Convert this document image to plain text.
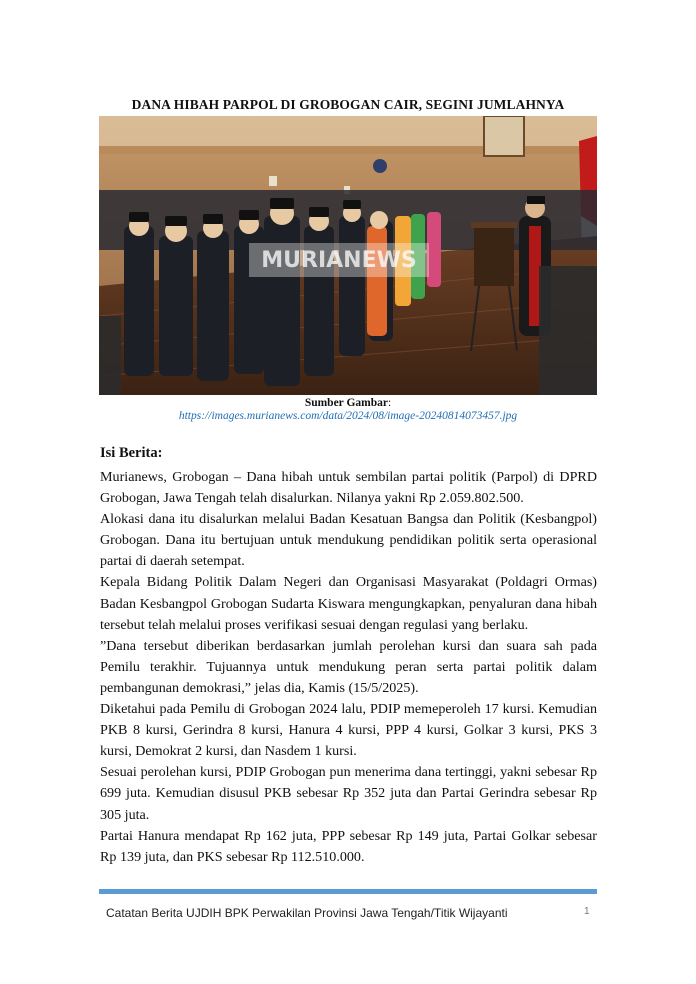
DANA HIBAH PARPOL DI GROBOGAN CAIR, SEGINI JUMLAHNYA
MURIANEWS
Sumber Gambar:
https://images.murianews.com/data/2024/08/image-20240814073457.jpg
Isi Berita:

Murianews, Grobogan – Dana hibah untuk sembilan partai politik (Parpol) di DPRD Grobogan, Jawa Tengah telah disalurkan. Nilanya yakni Rp 2.059.802.500.

Alokasi dana itu disalurkan melalui Badan Kesatuan Bangsa dan Politik (Kesbangpol) Grobogan. Dana itu bertujuan untuk mendukung pendidikan politik serta operasional partai di daerah setempat.

Kepala Bidang Politik Dalam Negeri dan Organisasi Masyarakat (Poldagri Ormas) Badan Kesbangpol Grobogan Sudarta Kiswara mengungkapkan, penyaluran dana hibah tersebut telah melalui proses verifikasi sesuai dengan regulasi yang berlaku.

”Dana tersebut diberikan berdasarkan jumlah perolehan kursi dan suara sah pada Pemilu terakhir. Tujuannya untuk mendukung peran serta partai politik dalam pembangunan demokrasi,” jelas dia, Kamis (15/5/2025).

Diketahui pada Pemilu di Grobogan 2024 lalu, PDIP memeperoleh 17 kursi. Kemudian PKB 8 kursi, Gerindra 8 kursi, Hanura 4 kursi, PPP 4 kursi, Golkar 3 kursi, PKS 3 kursi, Demokrat 2 kursi, dan Nasdem 1 kursi.

Sesuai perolehan kursi, PDIP Grobogan pun menerima dana tertinggi, yakni sebesar Rp 699 juta. Kemudian disusul PKB sebesar Rp 352 juta dan Partai Gerindra sebesar Rp 305 juta.

Partai Hanura mendapat Rp 162 juta, PPP sebesar Rp 149 juta, Partai Golkar sebesar Rp 139 juta, dan PKS sebesar Rp 112.510.000.

Catatan Berita UJDIH BPK Perwakilan Provinsi Jawa Tengah/Titik Wijayanti	1
